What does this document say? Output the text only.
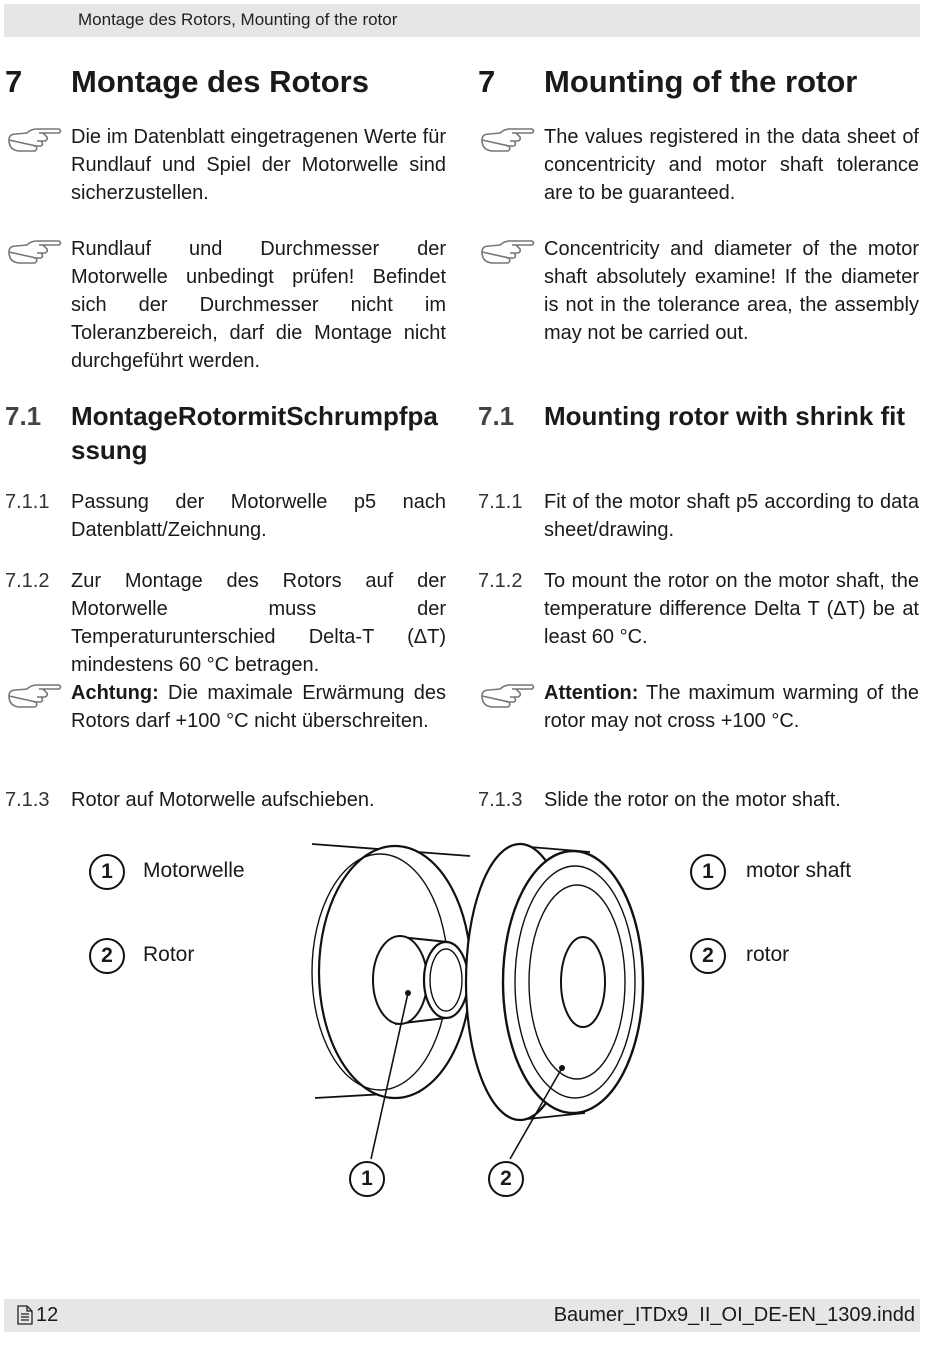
Montage des Rotors, Mounting of the rotor
7 Montage des Rotors
Die im Datenblatt eingetragenen Werte für Rundlauf und Spiel der Motorwelle sind sicherzustellen.
Rundlauf und Durchmesser der Motorwelle unbedingt prüfen! Befindet sich der Durchmesser nicht im Toleranzbereich, darf die Montage nicht durchgeführt werden.
7.1 MontageRotormitSchrumpfpassung
7.1.1 Passung der Motorwelle p5 nach Datenblatt/Zeichnung.
7.1.2 Zur Montage des Rotors auf der Motorwelle muss der Temperaturunterschied Delta-T (ΔT) mindestens 60 °C betragen.
Achtung: Die maximale Erwärmung des Rotors darf +100 °C nicht überschreiten.
7.1.3 Rotor auf Motorwelle aufschieben.
7 Mounting of the rotor
The values registered in the data sheet of concentricity and motor shaft tolerance are to be guaranteed.
Concentricity and diameter of the motor shaft absolutely examine! If the diameter is not in the tolerance area, the assembly may not be carried out.
7.1 Mounting rotor with shrink fit
7.1.1 Fit of the motor shaft p5 according to data sheet/drawing.
7.1.2 To mount the rotor on the motor shaft, the temperature difference Delta T (ΔT) be at least 60 °C.
Attention: The maximum warming of the rotor may not cross +100 °C.
7.1.3 Slide the rotor on the motor shaft.
1	Motorwelle
2	Rotor
1	motor shaft
2	rotor
1	2
12	Baumer_ITDx9_II_OI_DE-EN_1309.indd
